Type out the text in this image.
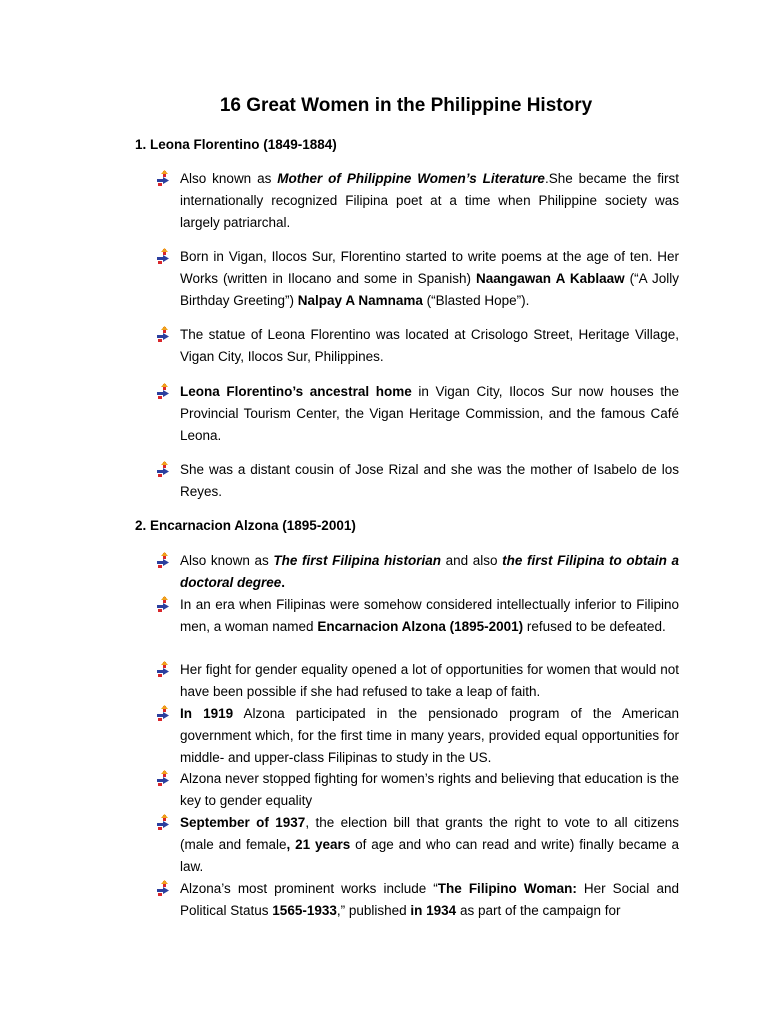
16 Great Women in the Philippine History
1. Leona Florentino (1849-1884)
Also known as Mother of Philippine Women’s Literature.She became the first internationally recognized Filipina poet at a time when Philippine society was largely patriarchal.
Born in Vigan, Ilocos Sur, Florentino started to write poems at the age of ten. Her Works (written in Ilocano and some in Spanish) Naangawan A Kablaaw (“A Jolly Birthday Greeting”) Nalpay A Namnama (“Blasted Hope”).
The statue of Leona Florentino was located at Crisologo Street, Heritage Village, Vigan City, Ilocos Sur, Philippines.
Leona Florentino’s ancestral home in Vigan City, Ilocos Sur now houses the Provincial Tourism Center, the Vigan Heritage Commission, and the famous Café Leona.
She was a distant cousin of Jose Rizal and she was the mother of Isabelo de los Reyes.
2. Encarnacion Alzona (1895-2001)
Also known as The first Filipina historian and also the first Filipina to obtain a doctoral degree.
In an era when Filipinas were somehow considered intellectually inferior to Filipino men, a woman named Encarnacion Alzona (1895-2001) refused to be defeated.
Her fight for gender equality opened a lot of opportunities for women that would not have been possible if she had refused to take a leap of faith.
In 1919 Alzona participated in the pensionado program of the American government which, for the first time in many years, provided equal opportunities for middle- and upper-class Filipinas to study in the US.
Alzona never stopped fighting for women’s rights and believing that education is the key to gender equality
September of 1937, the election bill that grants the right to vote to all citizens (male and female, 21 years of age and who can read and write) finally became a law.
Alzona’s most prominent works include “The Filipino Woman: Her Social and Political Status 1565-1933,” published in 1934 as part of the campaign for
